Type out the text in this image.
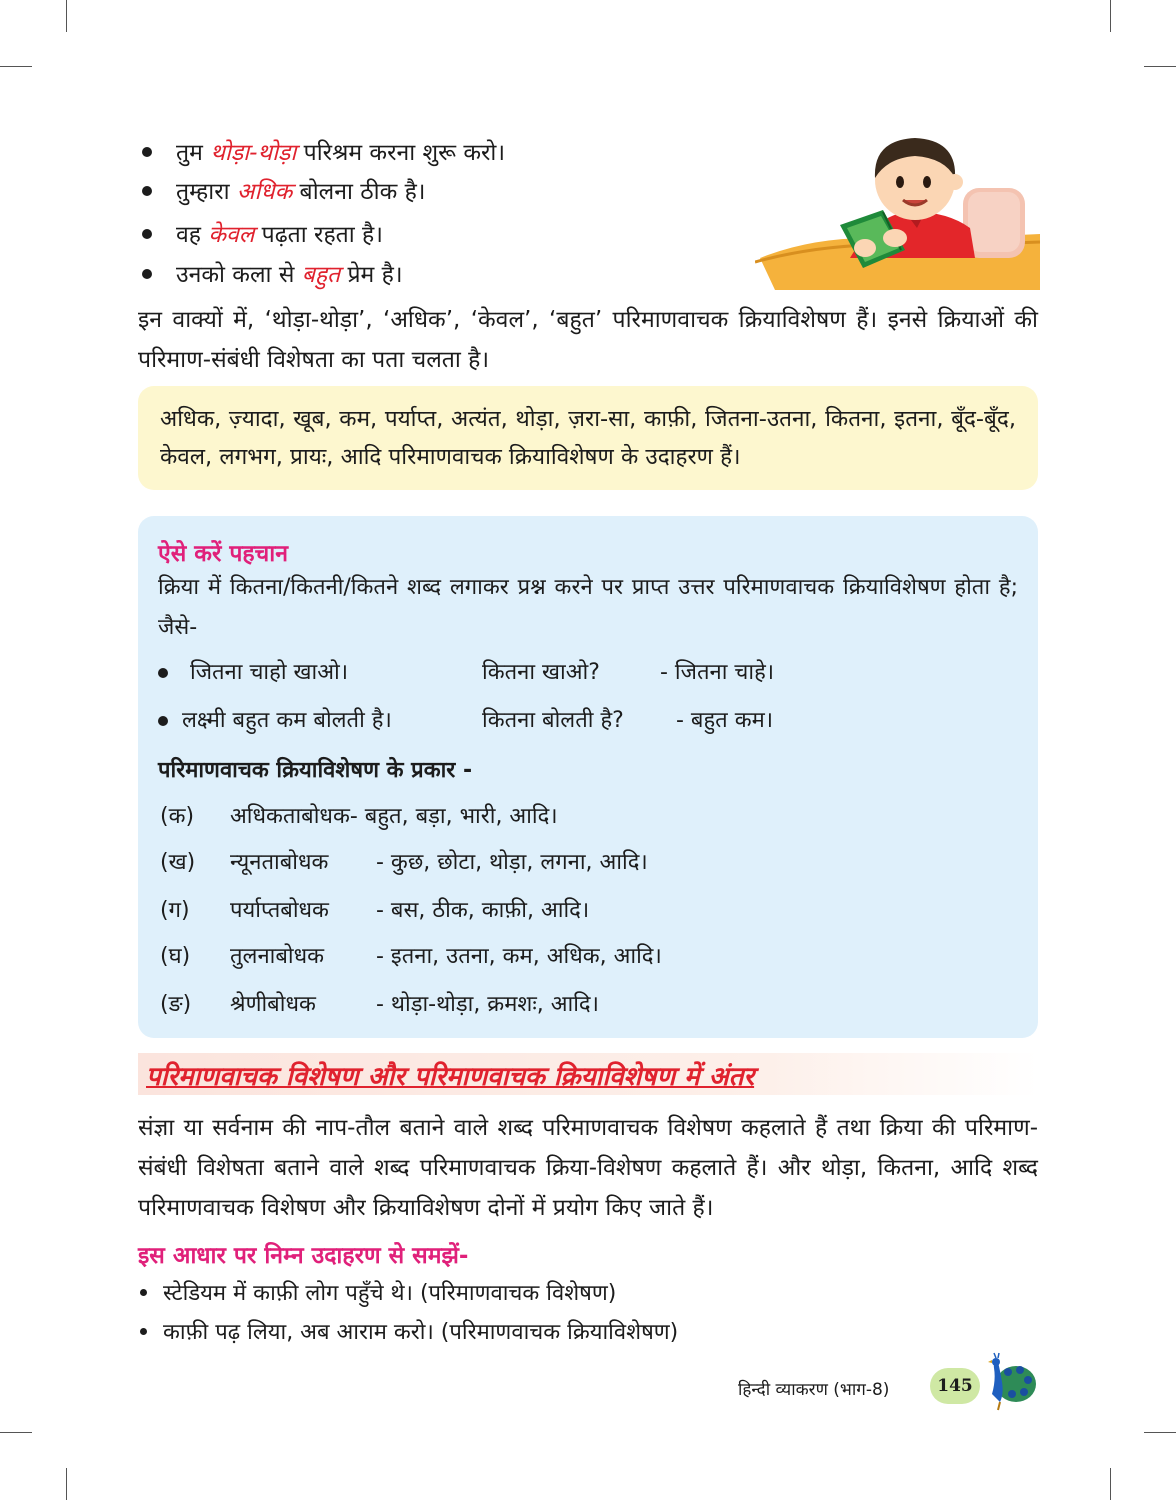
तुम थोड़ा-थोड़ा परिश्रम करना शुरू करो।
तुम्हारा अधिक बोलना ठीक है।
वह केवल पढ़ता रहता है।
उनको कला से बहुत प्रेम है।

इन वाक्यों में, ‘थोड़ा-थोड़ा’, ‘अधिक’, ‘केवल’, ‘बहुत’ परिमाणवाचक क्रियाविशेषण हैं। इनसे क्रियाओं की परिमाण-संबंधी विशेषता का पता चलता है।

अधिक, ज़्यादा, खूब, कम, पर्याप्त, अत्यंत, थोड़ा, ज़रा-सा, काफ़ी, जितना-उतना, कितना, इतना, बूँद-बूँद, केवल, लगभग, प्रायः, आदि परिमाणवाचक क्रियाविशेषण के उदाहरण हैं।

ऐसे करें पहचान

क्रिया में कितना/कितनी/कितने शब्द लगाकर प्रश्न करने पर प्राप्त उत्तर परिमाणवाचक क्रियाविशेषण होता है; जैसे-

जितना चाहो खाओ।	कितना खाओ?	- जितना चाहे।
लक्ष्मी बहुत कम बोलती है।	कितना बोलती है? - बहुत कम।
परिमाणवाचक क्रियाविशेषण के प्रकार -
(क) अधिकताबोधक- बहुत, बड़ा, भारी, आदि।
(ख) न्यूनताबोधक - कुछ, छोटा, थोड़ा, लगना, आदि।
(ग) पर्याप्तबोधक - बस, ठीक, काफ़ी, आदि।
(घ) तुलनाबोधक - इतना, उतना, कम, अधिक, आदि।
(ङ) श्रेणीबोधक	- थोड़ा-थोड़ा, क्रमशः, आदि।
परिमाणवाचक विशेषण और परिमाणवाचक क्रियाविशेषण में अंतर

संज्ञा या सर्वनाम की नाप-तौल बताने वाले शब्द परिमाणवाचक विशेषण कहलाते हैं तथा क्रिया की परिमाण-संबंधी विशेषता बताने वाले शब्द परिमाणवाचक क्रिया-विशेषण कहलाते हैं। और थोड़ा, कितना, आदि शब्द परिमाणवाचक विशेषण और क्रियाविशेषण दोनों में प्रयोग किए जाते हैं।

इस आधार पर निम्न उदाहरण से समझें-
स्टेडियम में काफ़ी लोग पहुँचे थे। (परिमाणवाचक विशेषण)
काफ़ी पढ़ लिया, अब आराम करो। (परिमाणवाचक क्रियाविशेषण)
हिन्दी व्याकरण (भाग-8)	145
